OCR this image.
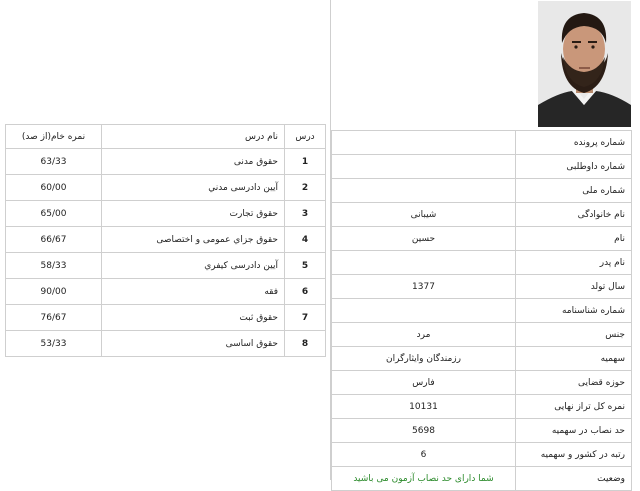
نمره خام(از صد)	نام درس	درس
63/33	حقوق مدنی	1
60/00	آیین دادرسی مدني	2
65/00	حقوق تجارت	3
66/67	حقوق جزاي عمومی و اختصاصی	4
58/33	آیین دادرسی کیفري	5
90/00	فقه	6
76/67	حقوق ثبت	7
53/33	حقوق اساسی	8
	شماره پرونده
	شماره داوطلبی
	شماره ملی
شیبانی	نام خانوادگی
حسین	نام
	نام پدر
1377	سال تولد
	شماره شناسنامه
مرد	جنس
رزمندگان وایثارگران	سهمیه
فارس	حوزه قضایی
10131	نمره کل تراز نهایی
5698	حد نصاب در سهمیه
6	رتبه در کشور و سهمیه
شما دارای حد نصاب آزمون می باشید	وضعیت
